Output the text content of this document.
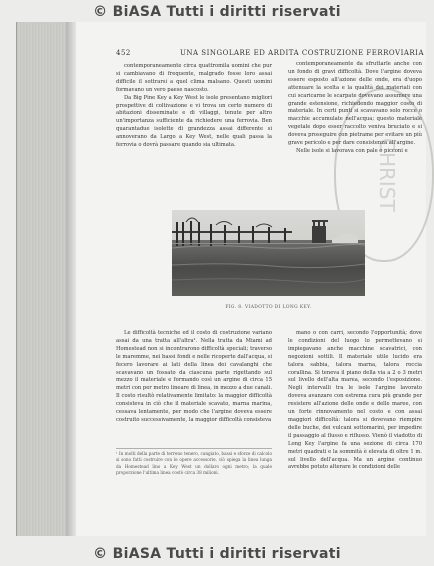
© BiASA Tutti i diritti riservati
CHRIST
452	UNA SINGOLARE ED ARDITA COSTRUZIONE FERROVIARIA

contemporaneamente circa quattromila uomini che pur si cambiavano di frequente, malgrado fosse loro assai difficile il sottrarsi a quel clima malsano. Questi uomini formavano un vero paese nascosto.

Da Big Pine Key a Key West le isole presentano migliori prospettive di coltivazione e vi trova un certo numero di abitazioni disseminate e di villaggi, tenute per altro un'importanza sufficiente da richiedere una ferrovia. Ben quarantadue isolette di grandezza assai differente si annoverano da Largo a Key West, nelle quali passa la ferrovia o dovrà passare quando sia ultimata.

contemporaneamente da sfruttarle anche con un fondo di gravi difficoltà. Dove l'argine doveva essere esposto all'azione delle onde, era d'uopo attenuare la scelta e la qualità dei materiali con cui scaricarne le scarpate dovevano assumere una grande estensione, richiedendo maggior costo di materiale. In certi punti si scavavano solo rocce o macchie accumulate nell'acqua; questo materiale vegetale dopo esser raccolto veniva bruciato e si doveva proseguire con pietrame per evitare un più grave pericolo e per dare consistenza all'argine.

Nelle isole si lavorava con pale e picconi e

FIG. 8. VIADOTTO DI LONG KEY.

Le difficoltà tecniche ed il costo di costruzione variano assai da una tratta all'altra¹. Nella tratta da Miami ad Homestead non si incontrarono difficoltà speciali; traverso le maremme, nei bassi fondi e nelle ricoperte dall'acqua, si fecero lavorare ai lati della linea dei cavalanghi che scavavano un fossato da ciascuna parte rigettando sul mezzo il materiale e formando così un argine di circa 15 metri con per metro lineare di linea, in mezzo a due canali. Il costo risultò relativamente limitato: la maggior difficoltà consisteva in ciò che il materiale scavato, marna marina, cessava lentamente, per modo che l'argine doveva essere costruito successivamente, la maggior difficoltà consisteva

mano o con carri, secondo l'opportunità; dove le condizioni del luogo lo permettevano si impiegavano anche macchine scavatrici, con negozioni sottili. Il materiale utile lucido era talora sabbia, talora marna, talora roccia corallina. Si teneva il piano della via a 2 o 3 metri sul livello dell'alta marea, secondo l'esposizione. Negli intervalli tra le isole l'argine lavorato doveva avanzare con estrema cura più grande per resistere all'azione delle onde e delle maree, con un forte rinnovamento nel costo e con assai maggiori difficoltà: talora si dovevano riempire delle buche, dei vulcani sottomarini, per impedire il passaggio al flusso e riflusso. Vienò il viadotto di Long Key l'argine fa una sezione di circa 170 metri quadrati e la sommità è elevata di oltre 1 m. sul livello dell'acqua. Ma un argine continuo avrebbe potuto alterare le condizioni delle

¹ In molti della parte di terreno tenero, cangiato, bassi e sforze di calcolo si sono fatti costruire con le opere accessorie, ciò spiega la linea lunga da Homestead lino a Key West un dollaro ogni metro; la quale proporzione l'ultima linea costò circa 38 milioni.
© BiASA Tutti i diritti riservati
